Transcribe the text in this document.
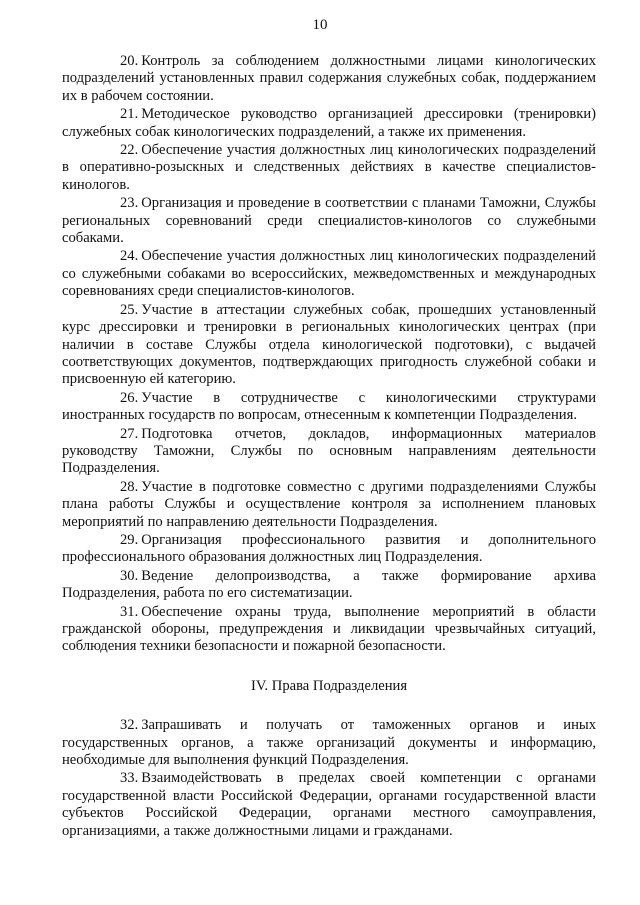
10

20. Контроль за соблюдением должностными лицами кинологических подразделений установленных правил содержания служебных собак, поддержанием их в рабочем состоянии.

21. Методическое руководство организацией дрессировки (тренировки) служебных собак кинологических подразделений, а также их применения.

22. Обеспечение участия должностных лиц кинологических подразделений в оперативно-розыскных и следственных действиях в качестве специалистов-кинологов.

23. Организация и проведение в соответствии с планами Таможни, Службы региональных соревнований среди специалистов-кинологов со служебными собаками.

24. Обеспечение участия должностных лиц кинологических подразделений со служебными собаками во всероссийских, межведомственных и международных соревнованиях среди специалистов-кинологов.

25. Участие в аттестации служебных собак, прошедших установленный курс дрессировки и тренировки в региональных кинологических центрах (при наличии в составе Службы отдела кинологической подготовки), с выдачей соответствующих документов, подтверждающих пригодность служебной собаки и присвоенную ей категорию.

26. Участие в сотрудничестве с кинологическими структурами иностранных государств по вопросам, отнесенным к компетенции Подразделения.

27. Подготовка отчетов, докладов, информационных материалов руководству Таможни, Службы по основным направлениям деятельности Подразделения.

28. Участие в подготовке совместно с другими подразделениями Службы плана работы Службы и осуществление контроля за исполнением плановых мероприятий по направлению деятельности Подразделения.

29. Организация профессионального развития и дополнительного профессионального образования должностных лиц Подразделения.

30. Ведение делопроизводства, а также формирование архива Подразделения, работа по его систематизации.

31. Обеспечение охраны труда, выполнение мероприятий в области гражданской обороны, предупреждения и ликвидации чрезвычайных ситуаций, соблюдения техники безопасности и пожарной безопасности.

IV. Права Подразделения

32. Запрашивать и получать от таможенных органов и иных государственных органов, а также организаций документы и информацию, необходимые для выполнения функций Подразделения.

33. Взаимодействовать в пределах своей компетенции с органами государственной власти Российской Федерации, органами государственной власти субъектов Российской Федерации, органами местного самоуправления, организациями, а также должностными лицами и гражданами.
